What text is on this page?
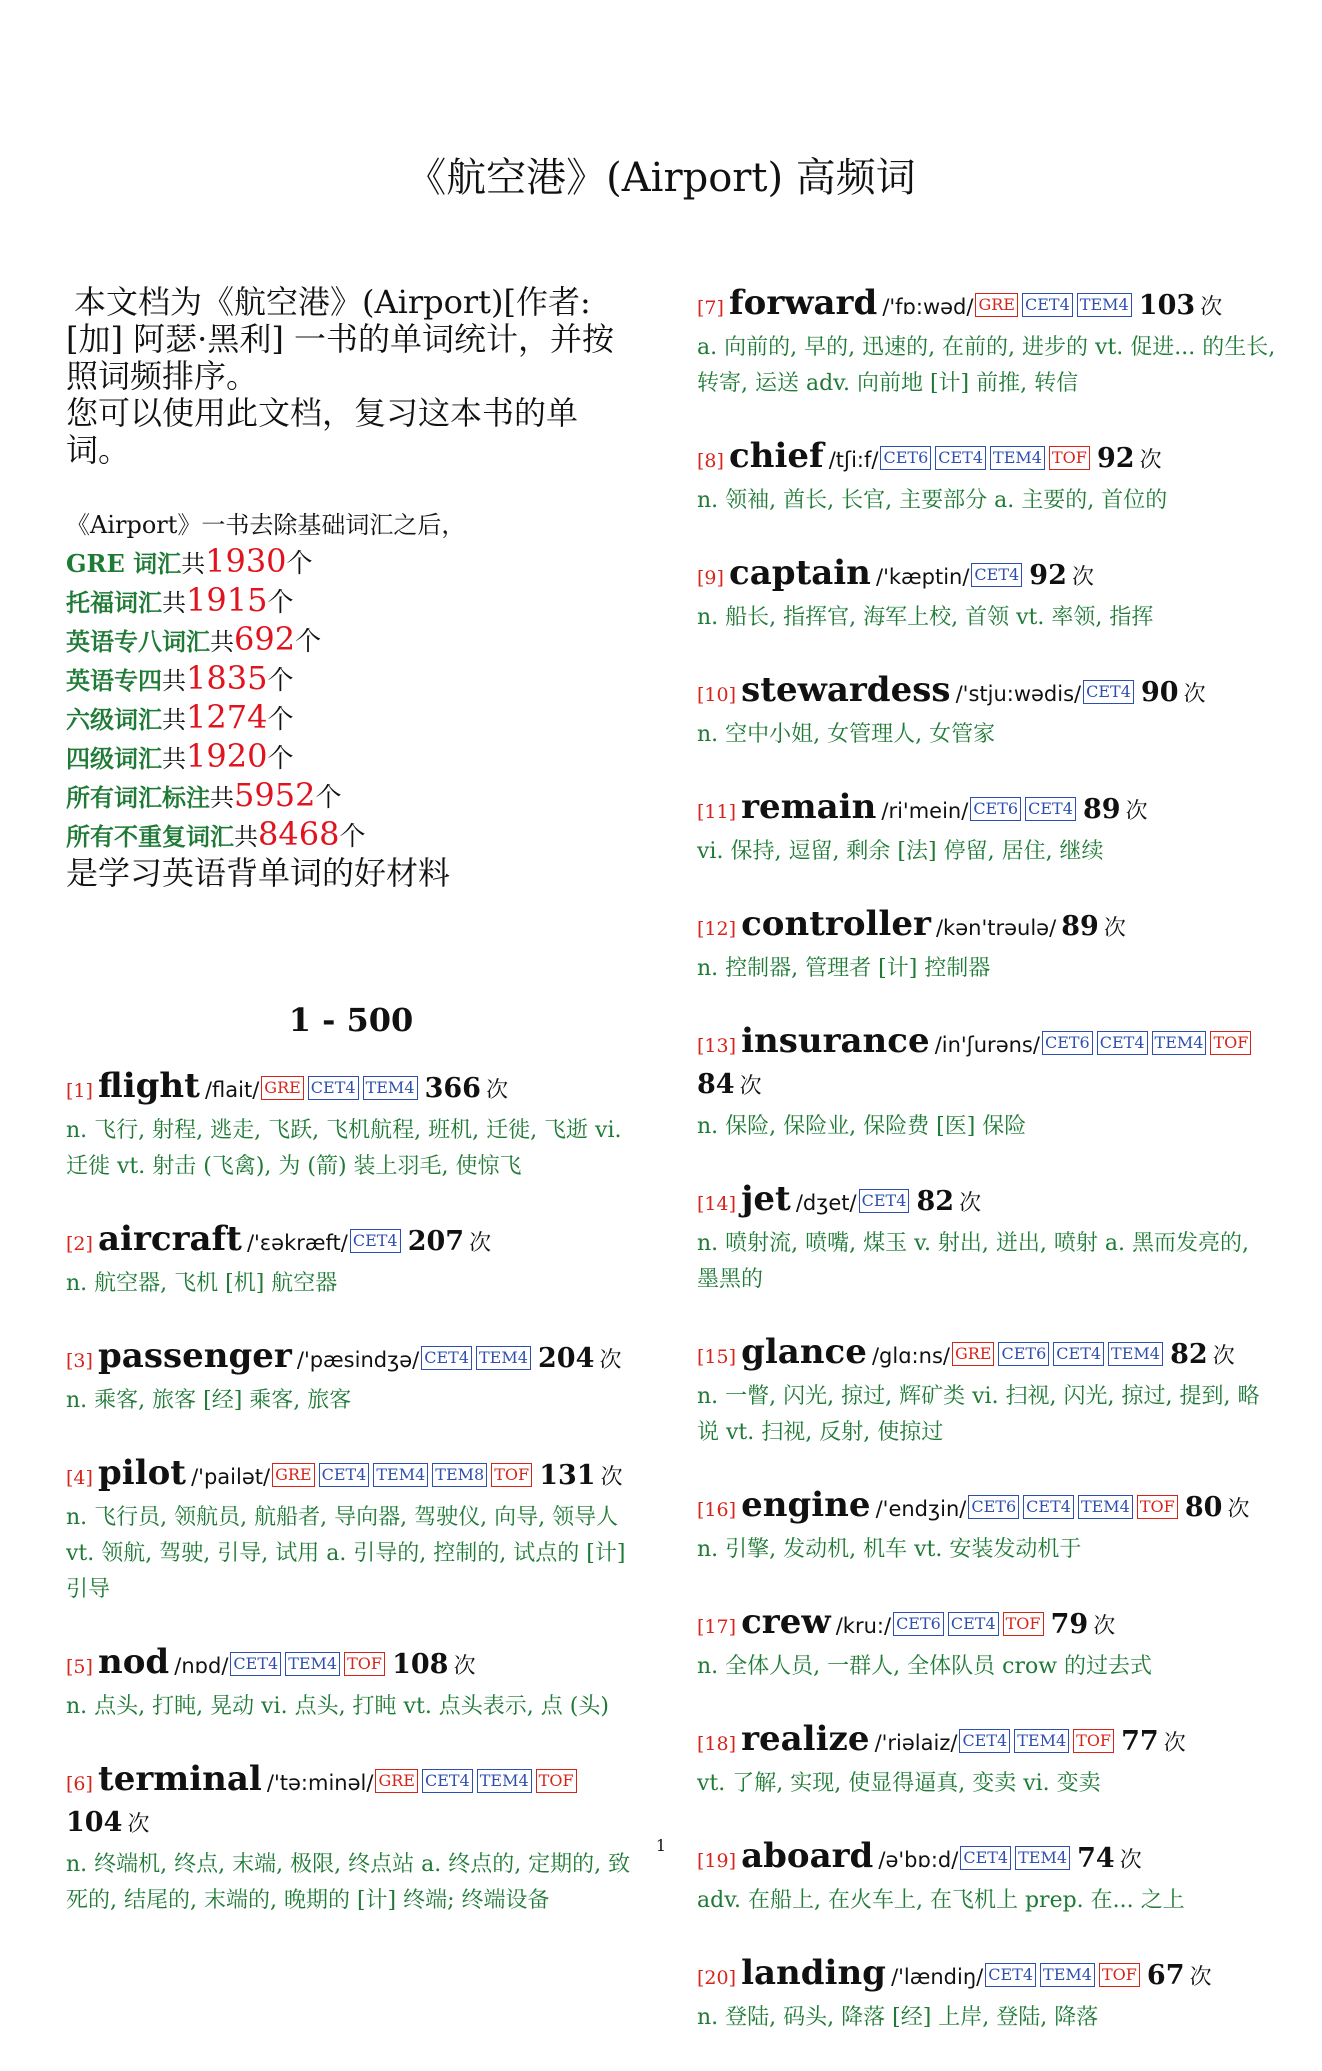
《航空港》(Airport) 高频词
本文档为《航空港》(Airport)[作者: [加] 阿瑟·黑利] 一书的单词统计，并按照词频排序。
您可以使用此文档，复习这本书的单词。
《Airport》一书去除基础词汇之后，
GRE 词汇共1930个
托福词汇共1915个
英语专八词汇共692个
英语专四共1835个
六级词汇共1274个
四级词汇共1920个
所有词汇标注共5952个
所有不重复词汇共8468个
是学习英语背单词的好材料
1 - 500
[1] flight /flait/ GRE CET4 TEM4 366 次
n. 飞行, 射程, 逃走, 飞跃, 飞机航程, 班机, 迁徙, 飞逝 vi. 迁徙 vt. 射击 (飞禽), 为 (箭) 装上羽毛, 使惊飞
[2] aircraft /'ɛəkræft/ CET4 207 次
n. 航空器, 飞机 [机] 航空器
[3] passenger /'pæsindʒə/ CET4 TEM4 204 次
n. 乘客, 旅客 [经] 乘客, 旅客
[4] pilot /'pailət/ GRE CET4 TEM4 TEM8 TOF 131 次
n. 飞行员, 领航员, 航船者, 导向器, 驾驶仪, 向导, 领导人 vt. 领航, 驾驶, 引导, 试用 a. 引导的, 控制的, 试点的 [计] 引导
[5] nod /nɒd/ CET4 TEM4 TOF 108 次
n. 点头, 打盹, 晃动 vi. 点头, 打盹 vt. 点头表示, 点 (头)
[6] terminal /'tə:minəl/ GRE CET4 TEM4 TOF 104 次
n. 终端机, 终点, 末端, 极限, 终点站 a. 终点的, 定期的, 致死的, 结尾的, 末端的, 晚期的 [计] 终端; 终端设备
[7] forward /'fɒ:wəd/ GRE CET4 TEM4 103 次
a. 向前的, 早的, 迅速的, 在前的, 进步的 vt. 促进... 的生长, 转寄, 运送 adv. 向前地 [计] 前推, 转信
[8] chief /tʃi:f/ CET6 CET4 TEM4 TOF 92 次
n. 领袖, 酋长, 长官, 主要部分 a. 主要的, 首位的
[9] captain /'kæptin/ CET4 92 次
n. 船长, 指挥官, 海军上校, 首领 vt. 率领, 指挥
[10] stewardess /'stju:wədis/ CET4 90 次
n. 空中小姐, 女管理人, 女管家
[11] remain /ri'mein/ CET6 CET4 89 次
vi. 保持, 逗留, 剩余 [法] 停留, 居住, 继续
[12] controller /kən'trəulə/ 89 次
n. 控制器, 管理者 [计] 控制器
[13] insurance /in'ʃurəns/ CET6 CET4 TEM4 TOF 84 次
n. 保险, 保险业, 保险费 [医] 保险
[14] jet /dʒet/ CET4 82 次
n. 喷射流, 喷嘴, 煤玉 v. 射出, 迸出, 喷射 a. 黑而发亮的, 墨黑的
[15] glance /glɑ:ns/ GRE CET6 CET4 TEM4 82 次
n. 一瞥, 闪光, 掠过, 辉矿类 vi. 扫视, 闪光, 掠过, 提到, 略说 vt. 扫视, 反射, 使掠过
[16] engine /'endʒin/ CET6 CET4 TEM4 TOF 80 次
n. 引擎, 发动机, 机车 vt. 安装发动机于
[17] crew /kru:/ CET6 CET4 TOF 79 次
n. 全体人员, 一群人, 全体队员 crow 的过去式
[18] realize /'riəlaiz/ CET4 TEM4 TOF 77 次
vt. 了解, 实现, 使显得逼真, 变卖 vi. 变卖
[19] aboard /ə'bɒ:d/ CET4 TEM4 74 次
adv. 在船上, 在火车上, 在飞机上 prep. 在... 之上
[20] landing /'lændiŋ/ CET4 TEM4 TOF 67 次
n. 登陆, 码头, 降落 [经] 上岸, 登陆, 降落
1
